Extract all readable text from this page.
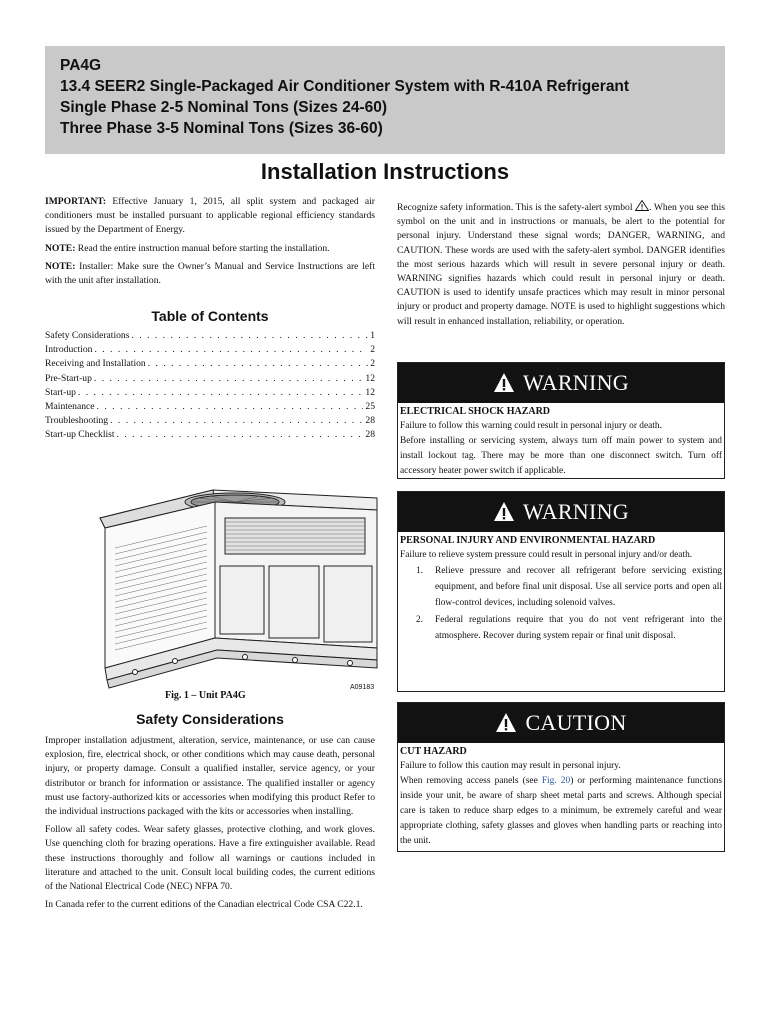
PA4G
13.4 SEER2 Single-Packaged Air Conditioner System with R-410A Refrigerant
Single Phase 2-5 Nominal Tons (Sizes 24-60)
Three Phase 3-5 Nominal Tons (Sizes 36-60)
Installation Instructions

IMPORTANT: Effective January 1, 2015, all split system and packaged air conditioners must be installed pursuant to applicable regional efficiency standards issued by the Department of Energy.

NOTE: Read the entire instruction manual before starting the installation.

NOTE: Installer: Make sure the Owner’s Manual and Service Instructions are left with the unit after installation.

Table of Contents
Safety Considerations . . .	1
Introduction . . .	2
Receiving and Installation . . .	2
Pre-Start-up . . .	12
Start-up . . .	12
Maintenance . . .	25
Troubleshooting . . .	28
Start-up Checklist . . .	28
A09183
Fig. 1 – Unit PA4G
Safety Considerations

Improper installation adjustment, alteration, service, maintenance, or use can cause explosion, fire, electrical shock, or other conditions which may cause death, personal injury, or property damage. Consult a qualified installer, service agency, or your distributor or branch for information or assistance. The qualified installer or agency must use factory-authorized kits or accessories when modifying this product Refer to the individual instructions packaged with the kits or accessories when installing.

Follow all safety codes. Wear safety glasses, protective clothing, and work gloves. Use quenching cloth for brazing operations. Have a fire extinguisher available. Read these instructions thoroughly and follow all warnings or cautions included in literature and attached to the unit. Consult local building codes, the current editions of the National Electrical Code (NEC) NFPA 70.

In Canada refer to the current editions of the Canadian electrical Code CSA C22.1.

Recognize safety information. This is the safety-alert symbol . When you see this symbol on the unit and in instructions or manuals, be alert to the potential for personal injury. Understand these signal words; DANGER, WARNING, and CAUTION. These words are used with the safety-alert symbol. DANGER identifies the most serious hazards which will result in severe personal injury or death. WARNING signifies hazards which could result in personal injury or death. CAUTION is used to identify unsafe practices which may result in minor personal injury or product and property damage. NOTE is used to highlight suggestions which will result in enhanced installation, reliability, or operation.

WARNING
ELECTRICAL SHOCK HAZARD
Failure to follow this warning could result in personal injury or death.
Before installing or servicing system, always turn off main power to system and install lockout tag. There may be more than one disconnect switch. Turn off accessory heater power switch if applicable.
WARNING
PERSONAL INJURY AND ENVIRONMENTAL HAZARD
Failure to relieve system pressure could result in personal injury and/or death.
1.	Relieve pressure and recover all refrigerant before servicing existing equipment, and before final unit disposal. Use all service ports and open all flow-control devices, including solenoid valves.
2.	Federal regulations require that you do not vent refrigerant into the atmosphere. Recover during system repair or final unit disposal.
CAUTION
CUT HAZARD
Failure to follow this caution may result in personal injury.
When removing access panels (see Fig. 20) or performing maintenance functions inside your unit, be aware of sharp sheet metal parts and screws. Although special care is taken to reduce sharp edges to a minimum, be extremely careful and wear appropriate clothing, safety glasses and gloves when handling parts or reaching into the unit.
